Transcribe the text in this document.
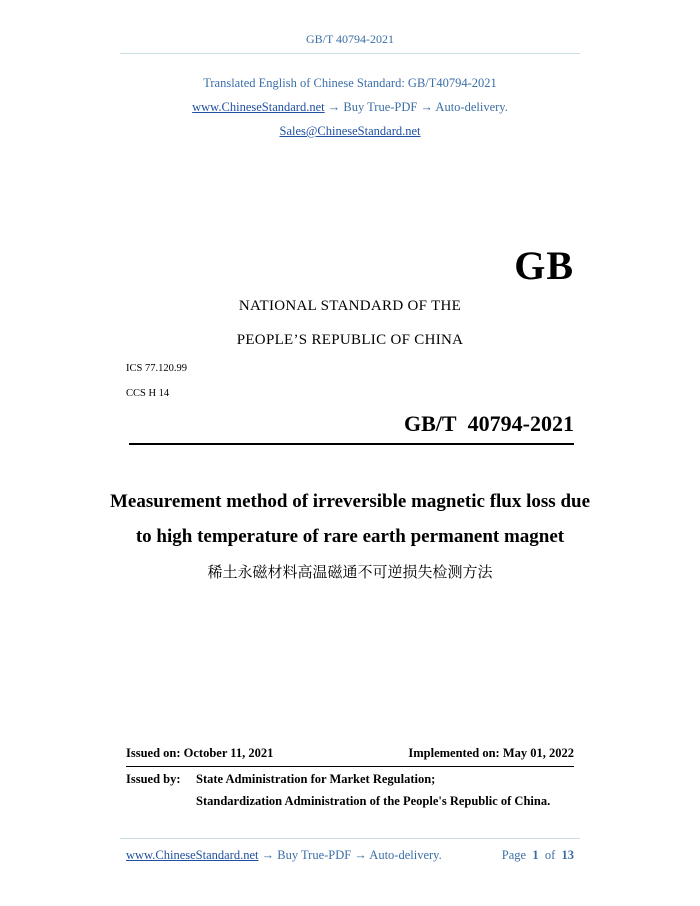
GB/T 40794-2021
Translated English of Chinese Standard: GB/T40794-2021
www.ChineseStandard.net → Buy True-PDF → Auto-delivery.
Sales@ChineseStandard.net
GB
NATIONAL STANDARD OF THE
PEOPLE’S REPUBLIC OF CHINA
ICS 77.120.99
CCS H 14
GB/T 40794-2021
Measurement method of irreversible magnetic flux loss due
to high temperature of rare earth permanent magnet
稀土永磁材料高温磁通不可逆损失检测方法
Issued on: October 11, 2021	Implemented on: May 01, 2022
Issued by: State Administration for Market Regulation;
Standardization Administration of the People's Republic of China.
www.ChineseStandard.net → Buy True-PDF → Auto-delivery.	Page 1 of 13
